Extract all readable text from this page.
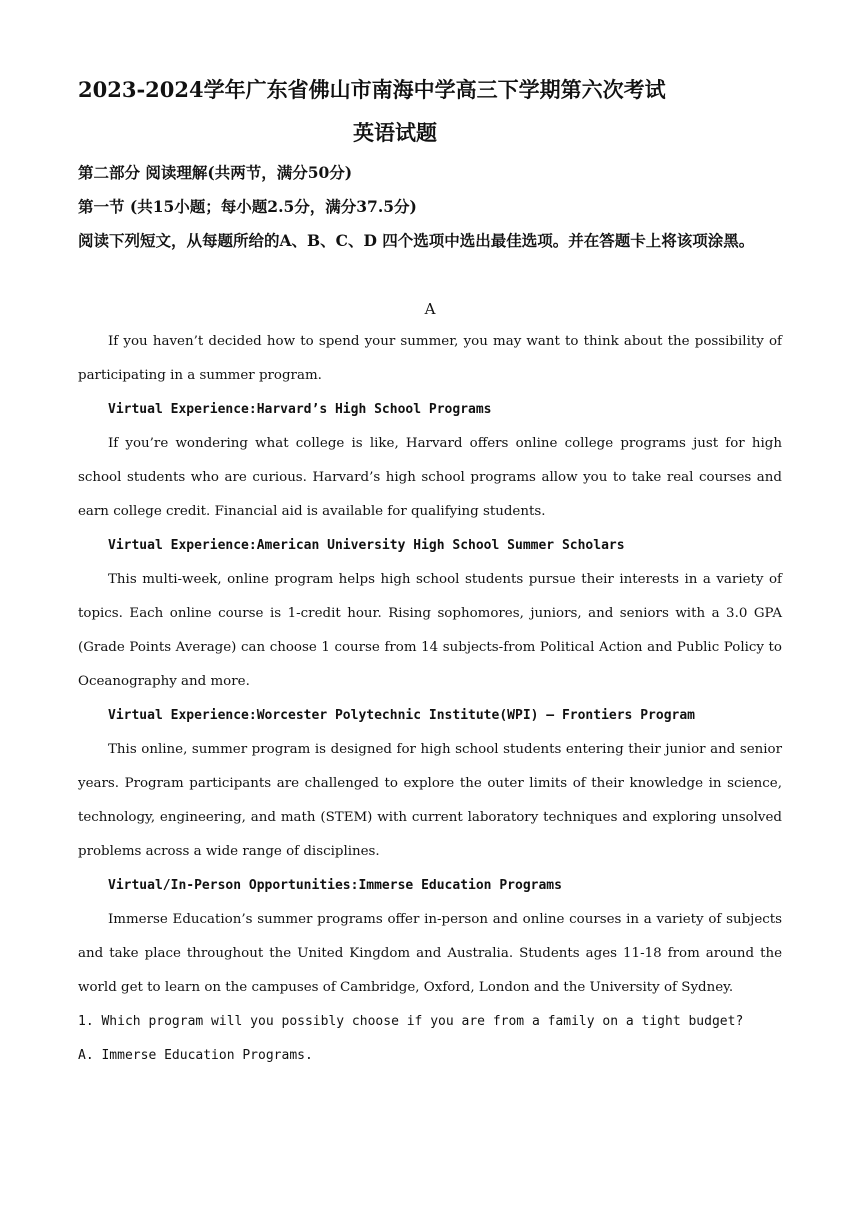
2023-2024学年广东省佛山市南海中学高三下学期第六次考试
英语试题
第二部分 阅读理解(共两节，满分50分)
第一节 (共15小题；每小题2.5分，满分37.5分)
阅读下列短文，从每题所给的A、B、C、D 四个选项中选出最佳选项。并在答题卡上将该项涂黑。
A

If you haven’t decided how to spend your summer, you may want to think about the possibility of participating in a summer program.

Virtual Experience:Harvard’s High School Programs

If you’re wondering what college is like, Harvard offers online college programs just for high school students who are curious. Harvard’s high school programs allow you to take real courses and earn college credit. Financial aid is available for qualifying students.

Virtual Experience:American University High School Summer Scholars

This multi-week, online program helps high school students pursue their interests in a variety of topics. Each online course is 1-credit hour. Rising sophomores, juniors, and seniors with a 3.0 GPA (Grade Points Average) can choose 1 course from 14 subjects-from Political Action and Public Policy to Oceanography and more.

Virtual Experience:Worcester Polytechnic Institute(WPI) — Frontiers Program

This online, summer program is designed for high school students entering their junior and senior years. Program participants are challenged to explore the outer limits of their knowledge in science, technology, engineering, and math (STEM) with current laboratory techniques and exploring unsolved problems across a wide range of disciplines.

Virtual/In-Person Opportunities:Immerse Education Programs

Immerse Education’s summer programs offer in-person and online courses in a variety of subjects and take place throughout the United Kingdom and Australia. Students ages 11-18 from around the world get to learn on the campuses of Cambridge, Oxford, London and the University of Sydney.

1. Which program will you possibly choose if you are from a family on a tight budget?

A. Immerse Education Programs.
